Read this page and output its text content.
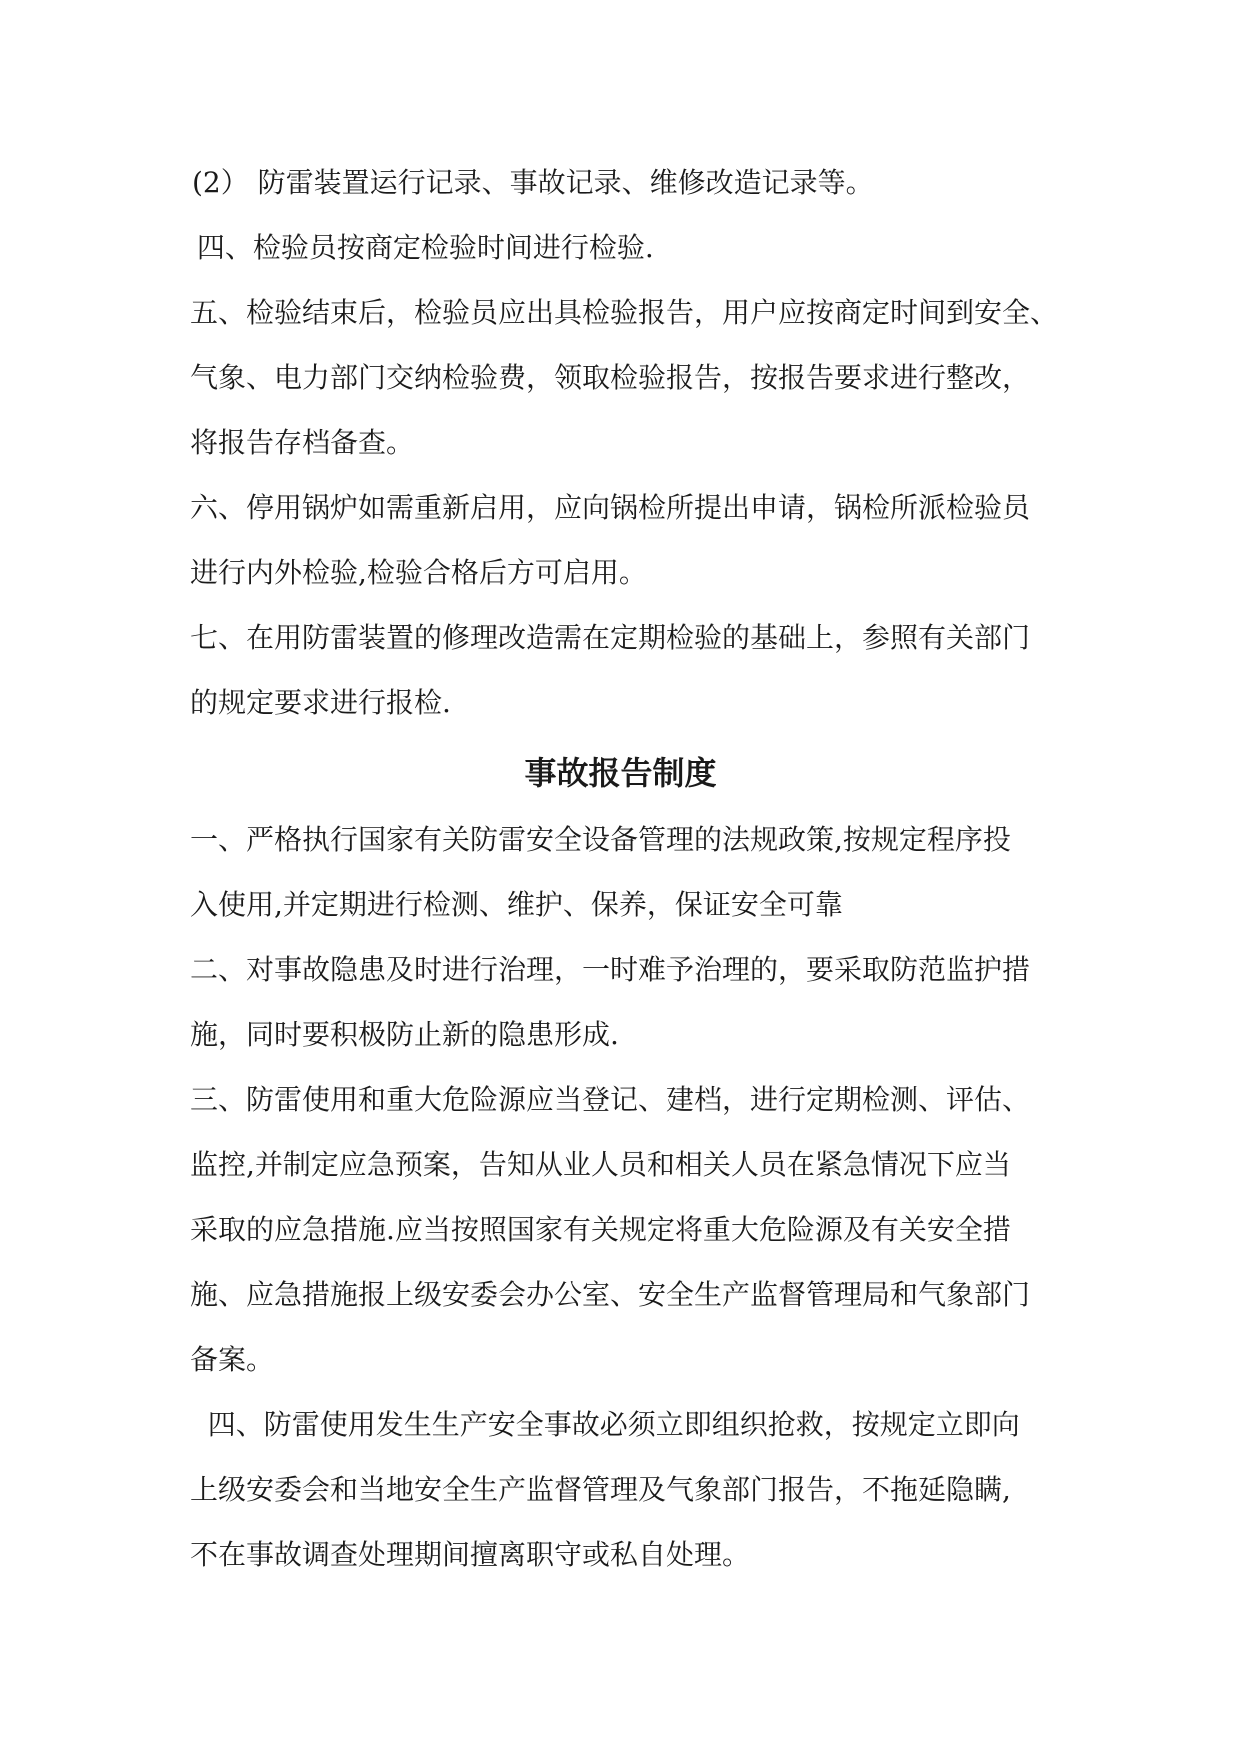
(2） 防雷装置运行记录、事故记录、维修改造记录等。
四、检验员按商定检验时间进行检验.
五、检验结束后，检验员应出具检验报告，用户应按商定时间到安全、
气象、电力部门交纳检验费，领取检验报告，按报告要求进行整改，
将报告存档备查。
六、停用锅炉如需重新启用，应向锅检所提出申请，锅检所派检验员
进行内外检验,检验合格后方可启用。
七、在用防雷装置的修理改造需在定期检验的基础上，参照有关部门
的规定要求进行报检.
事故报告制度
一、严格执行国家有关防雷安全设备管理的法规政策,按规定程序投
入使用,并定期进行检测、维护、保养，保证安全可靠
二、对事故隐患及时进行治理，一时难予治理的，要采取防范监护措
施，同时要积极防止新的隐患形成.
三、防雷使用和重大危险源应当登记、建档，进行定期检测、评估、
监控,并制定应急预案，告知从业人员和相关人员在紧急情况下应当
采取的应急措施.应当按照国家有关规定将重大危险源及有关安全措
施、应急措施报上级安委会办公室、安全生产监督管理局和气象部门
备案。
四、防雷使用发生生产安全事故必须立即组织抢救，按规定立即向
上级安委会和当地安全生产监督管理及气象部门报告，不拖延隐瞒,
不在事故调查处理期间擅离职守或私自处理。
